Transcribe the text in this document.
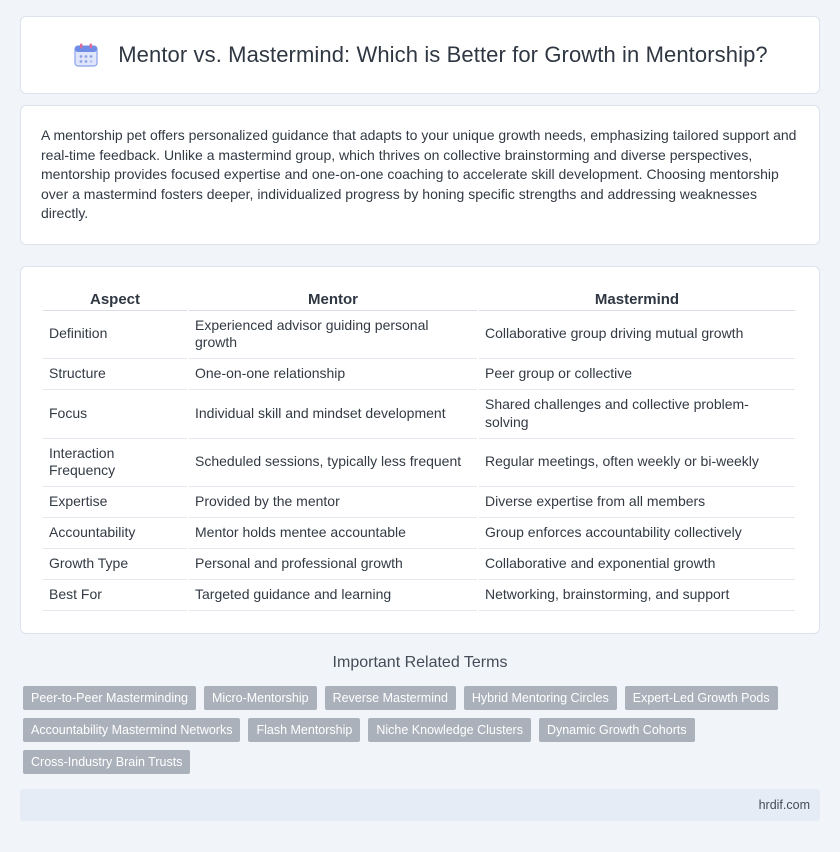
Mentor vs. Mastermind: Which is Better for Growth in Mentorship?

A mentorship pet offers personalized guidance that adapts to your unique growth needs, emphasizing tailored support and real-time feedback. Unlike a mastermind group, which thrives on collective brainstorming and diverse perspectives, mentorship provides focused expertise and one-on-one coaching to accelerate skill development. Choosing mentorship over a mastermind fosters deeper, individualized progress by honing specific strengths and addressing weaknesses directly.

Aspect	Mentor	Mastermind
Definition	Experienced advisor guiding personal growth	Collaborative group driving mutual growth
Structure	One-on-one relationship	Peer group or collective
Focus	Individual skill and mindset development	Shared challenges and collective problem-solving
Interaction Frequency	Scheduled sessions, typically less frequent	Regular meetings, often weekly or bi-weekly
Expertise	Provided by the mentor	Diverse expertise from all members
Accountability	Mentor holds mentee accountable	Group enforces accountability collectively
Growth Type	Personal and professional growth	Collaborative and exponential growth
Best For	Targeted guidance and learning	Networking, brainstorming, and support
Important Related Terms
Peer-to-Peer Masterminding	Micro-Mentorship	Reverse Mastermind	Hybrid Mentoring Circles	Expert-Led Growth Pods
Accountability Mastermind Networks	Flash Mentorship	Niche Knowledge Clusters	Dynamic Growth Cohorts
Cross-Industry Brain Trusts
hrdif.com
